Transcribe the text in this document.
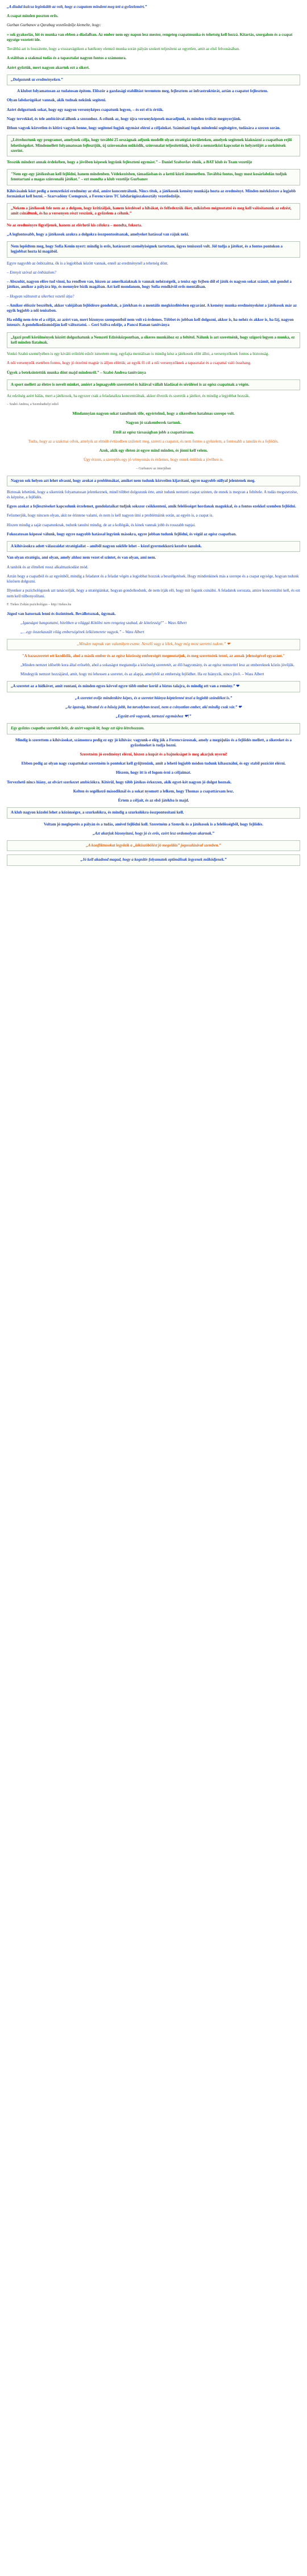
„A diadal kulcsa leginkább az volt, hogy a csapatom mindent meg tett a győzelemért.”

A csapat minden poszton erős.

Gurban Gurbanov a Qarabag vezetőedzője kiemelte, hogy:

» sok gyakorlás, hit és munka van ebben a diadalban. Az ember nem egy napon lesz mester, rengeteg csapatmunka és tehetség kell hozzá. Kitartás, szorgalom és a csapat egysége vezetett ide.

Továbbá azt is hozzátette, hogy a visszavágókon a hatékony elemző munka során pályán szokott teljesíteni az egyetlen, amit az első felvonásában.

A stábban a szakmai tudás és a tapasztalat nagyon fontos a számomra.

Azért győztük, mert nagyon akartuk ezt a sikert.

„Dolgozunk az eredményeken.”

A klubot folyamatosan az tudatosan építem. Először a gazdasági stabilitást teremtem meg, fejlesztem az infrastruktúrát, aztán a csapatot fejlesztem.

Olyan labdarúgókat vannak, akik tudnak nekünk segíteni.

Azért dolgoztunk sokat, hogy egy nagyon versenyképes csapatunk legyen, – és ezt el is értük.

Nagy tervekkel, és tele ambícióval állunk a szezonhoz. A célunk az, hogy újra versenyképesek maradjunk, és minden trófeát megnyerjünk.

Ilthon vagyok közvetlen és kitiró vagyok benne, hogy segítenei fogjuk egymást elérni a céljainkat. Számítani fogok mindenki segítségére, tudására a szezon során.

„Létrehoztunk egy programot, amelynek célja, hogy további 25 országnak adjunk modellt olyan stratégiai területeken, amelyek segítenek kiaknázni a csapatban rejlő lehetőségeket. Mindemellett folyamatosan fejlesztjük, új színvonalon működik, színvonalat teljesítettünk, kövül a nemzetközi kapcsolat és helyzetűjét a sorkötések szerint.

Tesszük mindezt annak érdekében, hogy a jövőben képesek legyünk fejleszteni egymást.” – Daniel Szabovlav elnök, a BAT klub és Team vezetője

"Nem egy-egy játékosban kell fejlődni, hanem mindenben. Védekezésben, támadásban és a kettő közti átmenetben. Továbbá fontos, hogy most kosárlabdán tudjuk fenntartani a magas színvonalú játékot." – ezt mondta a klub vezetője Gurbanov

Kihívásaink közt pedig a nemzetközi eredmény az első, amire koncentrálunk. Nincs titok, a játékosok kemény munkája hozta az eredményt. Minden mérkőzésre a legjobb formánkat kell hozni. – Szarvadóny Csemgeszó, a Ferencváros TC labdarúgószakosztály vezetőedzője.

„Nekem a játékosok fele nem az a dolgom, hogy kritizáljak, hanem kérdéssel a hibákat, és felfedezzük őket, miközben mégmutatni és meg kell valósítanunk az edzést, amit csináltunk, és ha a versenyen részt veszünk, a győzelem a célunk.”

Ne az eredményre figyeljenek, hanem az elérhető kis célokra – mondta, fokozta.

„A legfontosabb, hogy a játékosok azokra a dolgokra összpontosítsanak, amelyeket hatással van rájuk neki.

Nem lepődtem meg, hogy Sofia Kenin nyert: mindig is erős, határozott személyiségnek tartottam, ügyes teniszező volt. Jól tudja a játékot, és a fontos pontokon a legjobbat hozta ki magából.

Egyre nagyobb az önbizalma, ők is a legjobbak között vannak, ennél az eredménynél a tehetség dönt.

– Emnyit szóval az önbizalom?

– Abszolút, nagyon előre tud vinni, ha rendben van, hiszen az amerikaiaknak is vannak nehézségeik, a tenisz egy fejben dől el játék és nagyon sokat számít, mit gondol a játékos, amikor a pályára lép, és mennyire bízik magában. Azt kell mondanom, hogy Sofia rendkívül erős mentálisan.

– Hogyan változott a sikerhez vezető útja?

– Amikor először beszéltek, akkor valójában fejlődésre gondoltak, a játékban és a mentális megközelítésben egyaránt. A kemény munka eredményeként a játékosok már az egyik legjobb a női teniszben.

Ha eddig nem érte el a célját, az azért van, mert bizonyos szempontból nem volt rá érdemes. Többet és jobban kell dolgozni, akkor is, ha nehéz és akkor is, ha fáj, nagyon intenzív. A gondolkodásmódján kell változtatni. – Geri Szilva edzője, a Pancsi Ranan tanítványa

„Igazi profi körülmények között dolgozhatunk a Nemzeti Edzésközpontban, a sikeres munkához ez a feltétel. Nálunk is azt szeretnénk, hogy szigorú legyen a munka, ez kell minden fiatalnak.

Vonkó Szabó személyében is egy kiváló erőnléti edzőt ismertem meg, egyfajta mentálisan is mindig kész a játékosok előtt állni, a versenyzőknek fontos a biztonság.

A női versenyzők esetében fontos, hogy jó érzelmi magtár is álljon előttük; az egyik fő cél a női versenyzőknek a tapasztalat és a csapattal való összhang.

Ügyek a beteksintettük munka dönt majd mindenről.” – Szabó Andrea tanítványa

A sport mellett az életre is nevelt minket, amiért a legnagyobb szeretettel és hálával vállalt kiadásai és sérülései is az egész csapatnak a végén.

Az edzőség azért hálás, mert a játékosok, ha egyszer csak a feladataikra koncentrálnak, akkor élvezik és szeretik a játékot, és mindig a legjobbat hozzák.

– Szabó Andrea, a Szombathelyi edző

Mindannyian nagyon sokat tanultunk tőle, egyértelmű, hogy a sikereiben hatalmas szerepe volt.

Nagyon jó szakemberek tartunk.

Ettől az egész társaságban jobb a csapattársam.

Tudta, hogy az a szakmai célok, amelyik az elmúlt évtizedben született meg, szereti a csapatot, és nem fontos a győzelem, a fontosabb a tanulás és a fejlődés.

Azok, akik egy életen át egyre mind minden, és jönni kell velem.

Úgy érzem, a szereplés egy jó vérnyomás és érdemes, hogy ennek örülünk a jövőben is.

– Gurbanov az interjúban

Nagyon sok helyen azt lehet olvasni, hogy arokat a problémákat, amiket nem tudunk közvetlen kijavítani, egyre nagyobb súllyal jelentenek meg.

Biztosak lehetünk, hogy a sikereink folyamatosan jelentkeznek, minél többet dolgozunk érte, amit tudunk nemzeti csapat szinten, de ennek is megvan a feltétele. A tudás megszerzése, és képzése, a fejlődés.

Egyes azokat a fejlesztéseket kapcsolunk érzelemet, gondolataikat tudjuk sokszor csökkenteni, amik felelősséget hordanak magukkal, és a fontos ezekkel szemben fejlődni.

Felismerjük, hogy nincsen olyan, akit ne érintene valami, és nem is kell nagyon ütni a problémáink során, az egyén is, a csapat is.

Hiszen mindig a saját csapatunknak, tudunk tanulni mindig, de az a kollégák, és kinek vannak jobb és rosszabb napjai.

Fokozatosan képessé válunk, hogy egyre nagyobb hatással legyünk másokra, egyre jobban tudunk fejlődni, és végül az egész csapatban.

A kihívásokra adott válaszaidat stratégiailat – amiből nagyon sokféle lehet – közel gyermekkorú kezelve tanulok.

Van olyan stratégia, ami olyan, amely ahhoz nem vezet el szintet, és van olyan, ami nem.

A tanítók és az élméleti rossz alkalmazkodást mód.

Aztán hogy a csapatból és az egyénből, mindig a feladatot és a feladat végén a legjobbat hozzuk a beszélgetések. Hogy mindenkinek más a szerepe és a csapat egysége, hogyan tudunk közösen dolgozni.

Illyenkor a pszichológusok azt tanácsolják, hogy a stratégiánkat, hogyan gondolkodunk, de nem írják elő, hogy mit fogunk csinálni. A feladatok sorozata, amire koncentrálni kell, és ezt nem kell túlbonyolítani.

F. Tiekes Zoltán pszichológus – http://tiekes.hu

Jógod van hatornak lenni és őszintének. Bevállotsznak, ügymak.

„Igazságot hangoztatni, hiteltben a világgá Kötölni nem rengeteg szabad, de kötelesség!” – Wass Albert

„…egy összekaszált világ emberségének lelkiismerete vagyok.” – Wass Albert

„Minden napnak van valamilyen eszme. Nevelő vagy a lélek, hogy még most szeretni tudom.” ❤

"A hazaszeretet ott kezdődik, ahol a másik ember és az egész közösség emberségét megmutatjuk, és meg szeretnénk tenni, az annak jelenségével egyaránt."

„Minden nemzet idősebb kora által erősebb, ahol a sokaságot megtanulja a közösség szeretetét, az élő hagyomány, és az egész nemzettel lesz az embereknek közös jövőjük.

Mindegyik nemzet hozzájárul, amit, hogy mi lehessen a szeretet, és az alapja, amelyből az emberség fejlődhet. Ha ez hiányzik, nincs jövő. – Wass Albert

„A szeretet az a hídkövet, amit rontani, és minden egyes kövvel egyre több ember kerül a biztos talajra, és mindig ott van a remény.” ❤

„A szeretet ovője mindenkire képes, és a szeretet hiánya képtelenné teszi a legjobb szándékot is.”

„Az igazság, hitvatal és a hűség jobb, ha tarsolyban teszel, nem a csinyatlan ember, aki mindig csak vár.” ❤

„Együtt erő vagyunk, tartozzé egymáshoz ❤!”

Egy győztes csapatba szeretlek bele, de azért vagyok itt, hogy ezt újra létrehozzam.

Mindig is szerettem a kihívásokat, számomra pedig ez egy jó kihívás: vagyunk-e elég jók a Ferencvárosnak, amely a megújulás és a fejlődés mellett, a sikereket és a győzelmeket is tudja hozni.

Szeretném jó eredményt elérni, hiszen a kupát és a bajnokságot is meg akarjuk nyerni!

Ebben pedig az olyan nagy csapattokat szeretném is pontokat kell gyűjtenünk, amit a lehető legjobb módon tudunk kihasználni, és egy stabil pozíciót elérni.

Hiszem, hogy itt is el fogom érni a céljaimat.

Tervezhető nincs hiány, az elvárt szerkezet ambíciókra. Kitérül, hogy több játékos érkezzen, akik egyet-két nagyon jó dolgot hoznak.

Kelten és segélkező másodiknál és a sokat nyomott a lelkem, hogy Thomas a csapattársam lesz.

Értem a céljait, és az első játékba is majd.

A klub nagyon közelei lehet a közönségre, a szurkolókra, és mindig a szurkolókra összpontosítani kell.

Voltam jó meglepetés a pályán és a tudás, amivel fejlődni kell. Szeretném a Szenvik és a játékosok is a felelősségből, hogy fejlődés.

„Azt akarjuk bizonyítani, hogy jó és erős, ezért lesz ordomolyan akarnak.”

„A konfliktusokat legyőzik a „kiküszöbölést jó megoldás” jogosulásával szemben.”

„Jó kell akadnod magad, hogy a kognitív folyamatok optimálisak legyenek működjenek.”
